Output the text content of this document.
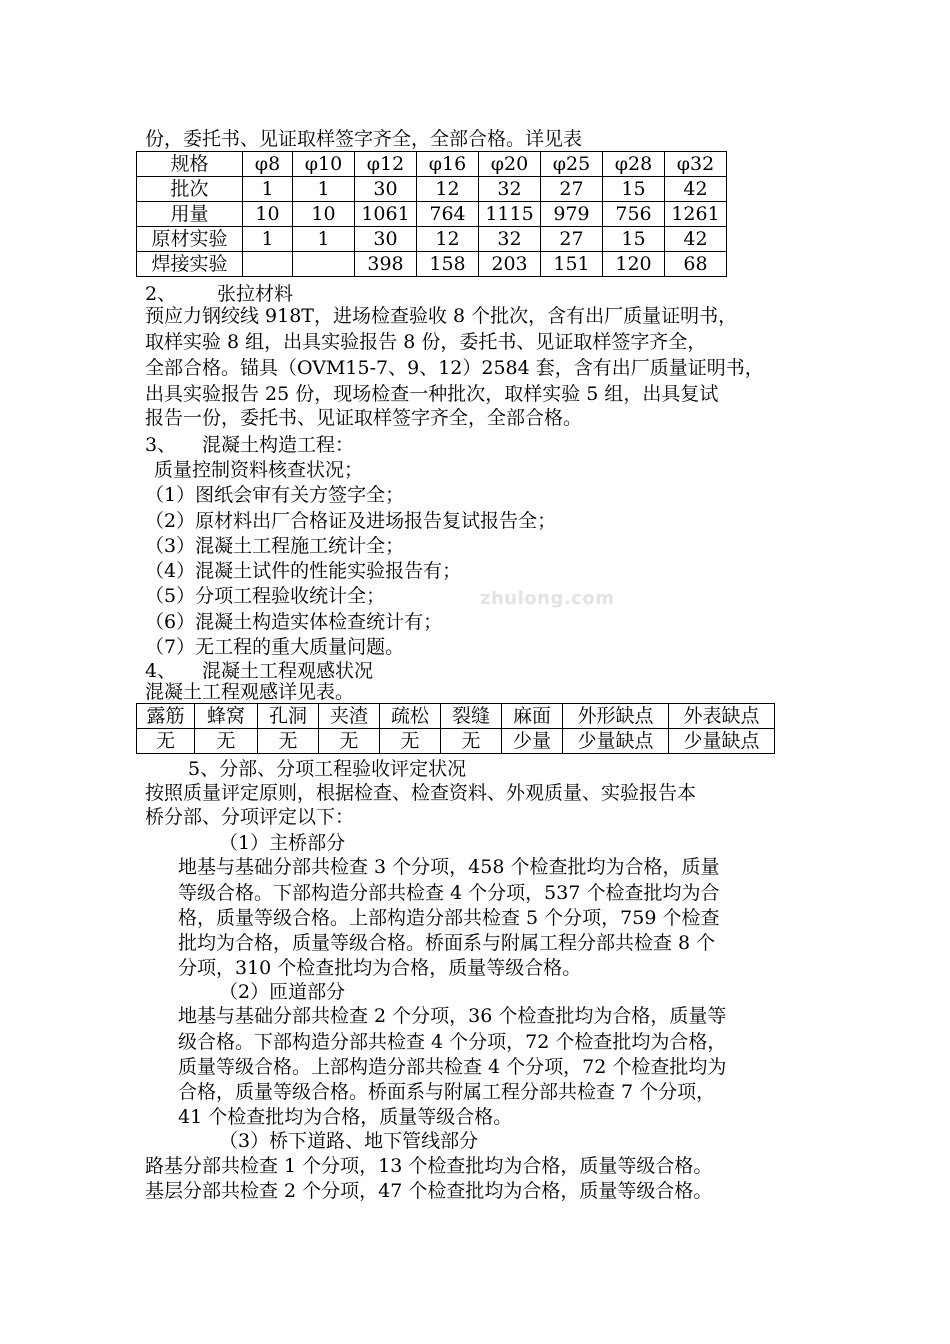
份，委托书、见证取样签字齐全，全部合格。详见表
规格	φ8	φ10	φ12	φ16	φ20	φ25	φ28	φ32
批次	1	1	30	12	32	27	15	42
用量	10	10	1061	764	1115	979	756	1261
原材实验	1	1	30	12	32	27	15	42
焊接实验			398	158	203	151	120	68
2、 张拉材料
预应力钢绞线 918T，进场检查验收 8 个批次，含有出厂质量证明书，
取样实验 8 组，出具实验报告 8 份，委托书、见证取样签字齐全，
全部合格。锚具（OVM15-7、9、12）2584 套，含有出厂质量证明书，
出具实验报告 25 份，现场检查一种批次，取样实验 5 组，出具复试
报告一份，委托书、见证取样签字齐全，全部合格。
3、 混凝土构造工程：
质量控制资料核查状况；
（1）图纸会审有关方签字全；
（2）原材料出厂合格证及进场报告复试报告全；
（3）混凝土工程施工统计全；
（4）混凝土试件的性能实验报告有；
（5）分项工程验收统计全；
（6）混凝土构造实体检查统计有；
（7）无工程的重大质量问题。
zhulong.com
4、 混凝土工程观感状况
混凝土工程观感详见表。
露筋	蜂窝	孔洞	夹渣	疏松	裂缝	麻面	外形缺点	外表缺点
无	无	无	无	无	无	少量	少量缺点	少量缺点
5、分部、分项工程验收评定状况
按照质量评定原则，根据检查、检查资料、外观质量、实验报告本
桥分部、分项评定以下：
（1）主桥部分
地基与基础分部共检查 3 个分项，458 个检查批均为合格，质量
等级合格。下部构造分部共检查 4 个分项，537 个检查批均为合
格，质量等级合格。上部构造分部共检查 5 个分项，759 个检查
批均为合格，质量等级合格。桥面系与附属工程分部共检查 8 个
分项，310 个检查批均为合格，质量等级合格。
（2）匝道部分
地基与基础分部共检查 2 个分项，36 个检查批均为合格，质量等
级合格。下部构造分部共检查 4 个分项，72 个检查批均为合格，
质量等级合格。上部构造分部共检查 4 个分项，72 个检查批均为
合格，质量等级合格。桥面系与附属工程分部共检查 7 个分项，
41 个检查批均为合格，质量等级合格。
（3）桥下道路、地下管线部分
路基分部共检查 1 个分项，13 个检查批均为合格，质量等级合格。
基层分部共检查 2 个分项，47 个检查批均为合格，质量等级合格。
